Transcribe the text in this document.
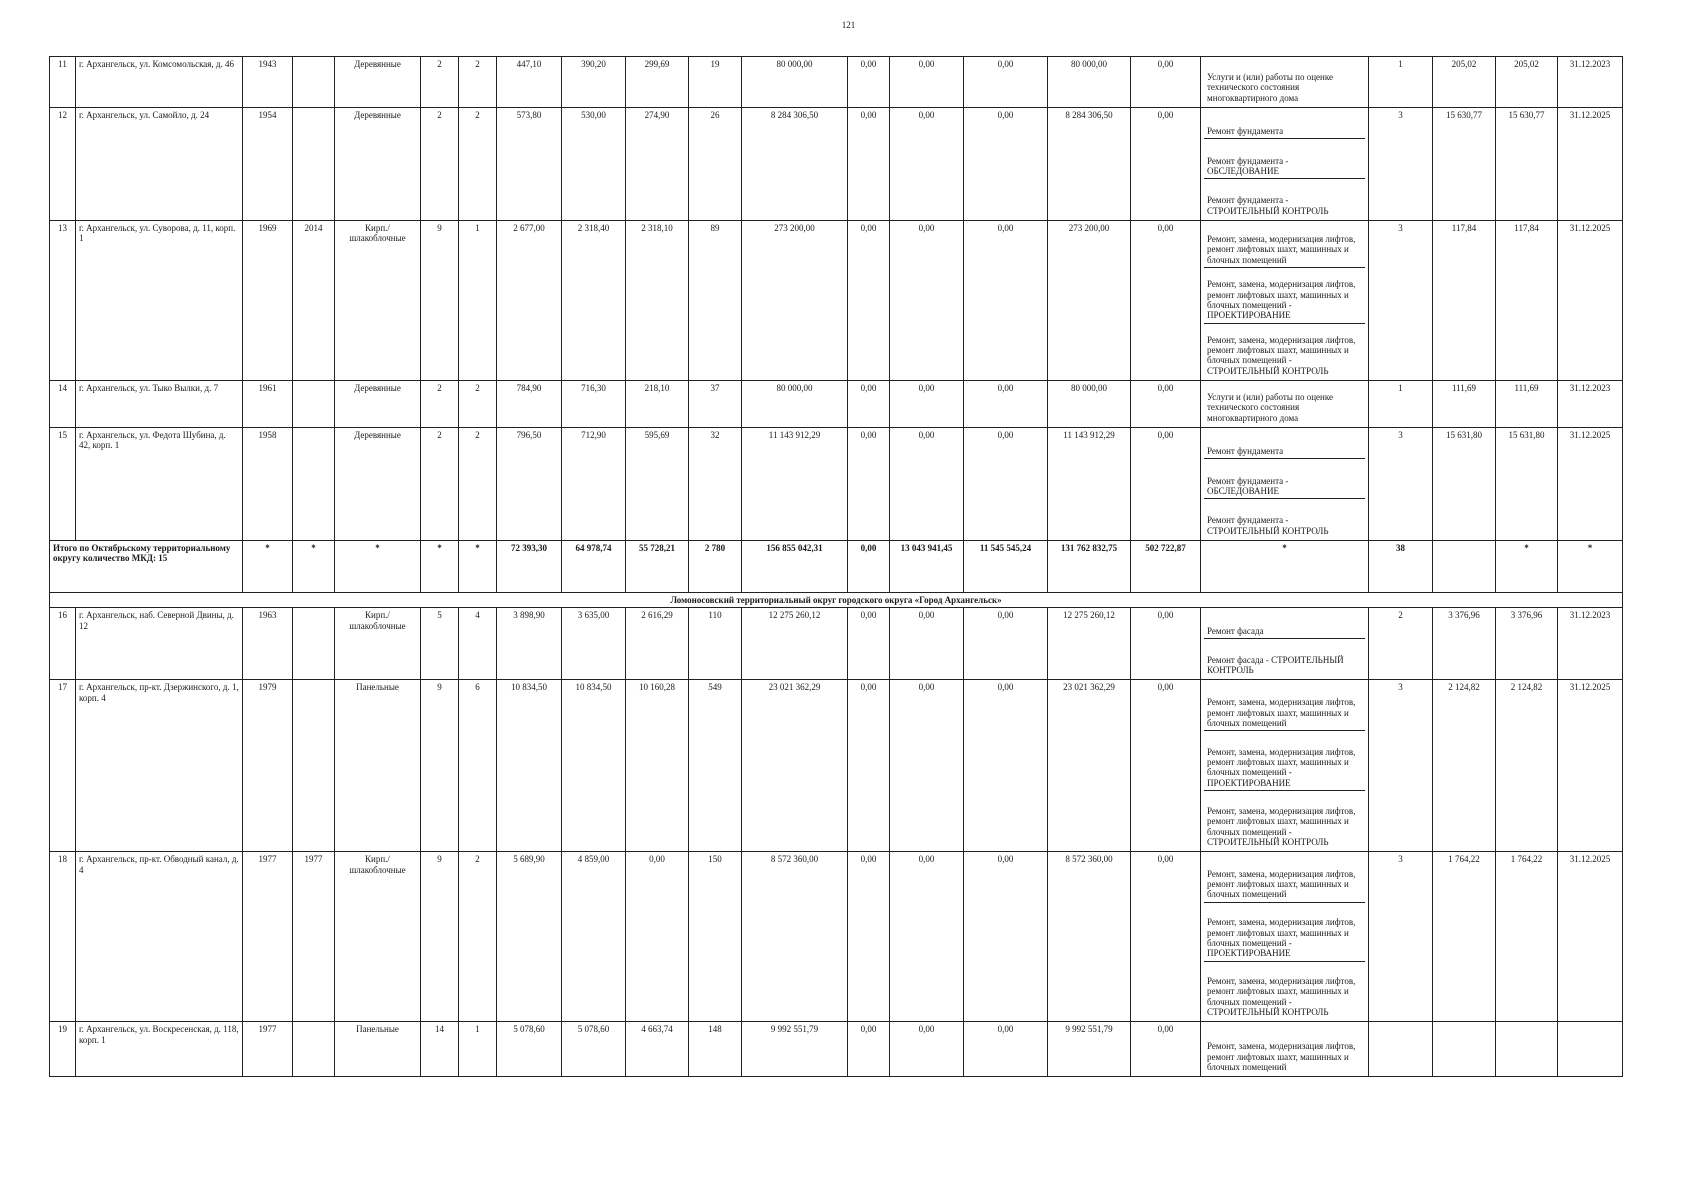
121
11	г. Архангельск, ул. Комсомольская, д. 46	1943		Деревянные	2	2	447,10	390,20	299,69	19	80 000,00	0,00	0,00	0,00	80 000,00	0,00	Услуги и (или) работы по оценке технического состояния многоквартирного дома	1	205,02	205,02	31.12.2023
12	г. Архангельск, ул. Самойло, д. 24	1954		Деревянные	2	2	573,80	530,00	274,90	26	8 284 306,50	0,00	0,00	0,00	8 284 306,50	0,00	Ремонт фундамента
Ремонт фундамента - ОБСЛЕДОВАНИЕ
Ремонт фундамента - СТРОИТЕЛЬНЫЙ КОНТРОЛЬ	3	15 630,77	15 630,77	31.12.2025
13	г. Архангельск, ул. Суворова, д. 11, корп. 1	1969	2014	Кирп./ шлакоблочные	9	1	2 677,00	2 318,40	2 318,10	89	273 200,00	0,00	0,00	0,00	273 200,00	0,00	Ремонт, замена, модернизация лифтов, ремонт лифтовых шахт, машинных и блочных помещений
Ремонт, замена, модернизация лифтов, ремонт лифтовых шахт, машинных и блочных помещений - ПРОЕКТИРОВАНИЕ
Ремонт, замена, модернизация лифтов, ремонт лифтовых шахт, машинных и блочных помещений - СТРОИТЕЛЬНЫЙ КОНТРОЛЬ	3	117,84	117,84	31.12.2025
14	г. Архангельск, ул. Тыко Вылки, д. 7	1961		Деревянные	2	2	784,90	716,30	218,10	37	80 000,00	0,00	0,00	0,00	80 000,00	0,00	Услуги и (или) работы по оценке технического состояния многоквартирного дома	1	111,69	111,69	31.12.2023
15	г. Архангельск, ул. Федота Шубина, д. 42, корп. 1	1958		Деревянные	2	2	796,50	712,90	595,69	32	11 143 912,29	0,00	0,00	0,00	11 143 912,29	0,00	Ремонт фундамента
Ремонт фундамента - ОБСЛЕДОВАНИЕ
Ремонт фундамента - СТРОИТЕЛЬНЫЙ КОНТРОЛЬ	3	15 631,80	15 631,80	31.12.2025
Итого по Октябрьскому территориальному округу количество МКД: 15		*	*	*	*	*	72 393,30	64 978,74	55 728,21	2 780	156 855 042,31	0,00	13 043 941,45	11 545 545,24	131 762 832,75	502 722,87	*	38		*	*
Ломоносовский территориальный округ городского округа «Город Архангельск»																					
16	г. Архангельск, наб. Северной Двины, д. 12	1963		Кирп./ шлакоблочные	5	4	3 898,90	3 635,00	2 616,29	110	12 275 260,12	0,00	0,00	0,00	12 275 260,12	0,00	Ремонт фасада
Ремонт фасада - СТРОИТЕЛЬНЫЙ КОНТРОЛЬ	2	3 376,96	3 376,96	31.12.2023
17	г. Архангельск, пр-кт. Дзержинского, д. 1, корп. 4	1979		Панельные	9	6	10 834,50	10 834,50	10 160,28	549	23 021 362,29	0,00	0,00	0,00	23 021 362,29	0,00	Ремонт, замена, модернизация лифтов, ремонт лифтовых шахт, машинных и блочных помещений
Ремонт, замена, модернизация лифтов, ремонт лифтовых шахт, машинных и блочных помещений - ПРОЕКТИРОВАНИЕ
Ремонт, замена, модернизация лифтов, ремонт лифтовых шахт, машинных и блочных помещений - СТРОИТЕЛЬНЫЙ КОНТРОЛЬ	3	2 124,82	2 124,82	31.12.2025
18	г. Архангельск, пр-кт. Обводный канал, д. 4	1977	1977	Кирп./ шлакоблочные	9	2	5 689,90	4 859,00	0,00	150	8 572 360,00	0,00	0,00	0,00	8 572 360,00	0,00	Ремонт, замена, модернизация лифтов, ремонт лифтовых шахт, машинных и блочных помещений
Ремонт, замена, модернизация лифтов, ремонт лифтовых шахт, машинных и блочных помещений - ПРОЕКТИРОВАНИЕ
Ремонт, замена, модернизация лифтов, ремонт лифтовых шахт, машинных и блочных помещений - СТРОИТЕЛЬНЫЙ КОНТРОЛЬ	3	1 764,22	1 764,22	31.12.2025
19	г. Архангельск, ул. Воскресенская, д. 118, корп. 1	1977		Панельные	14	1	5 078,60	5 078,60	4 663,74	148	9 992 551,79	0,00	0,00	0,00	9 992 551,79	0,00	Ремонт, замена, модернизация лифтов, ремонт лифтовых шахт, машинных и блочных помещений				
